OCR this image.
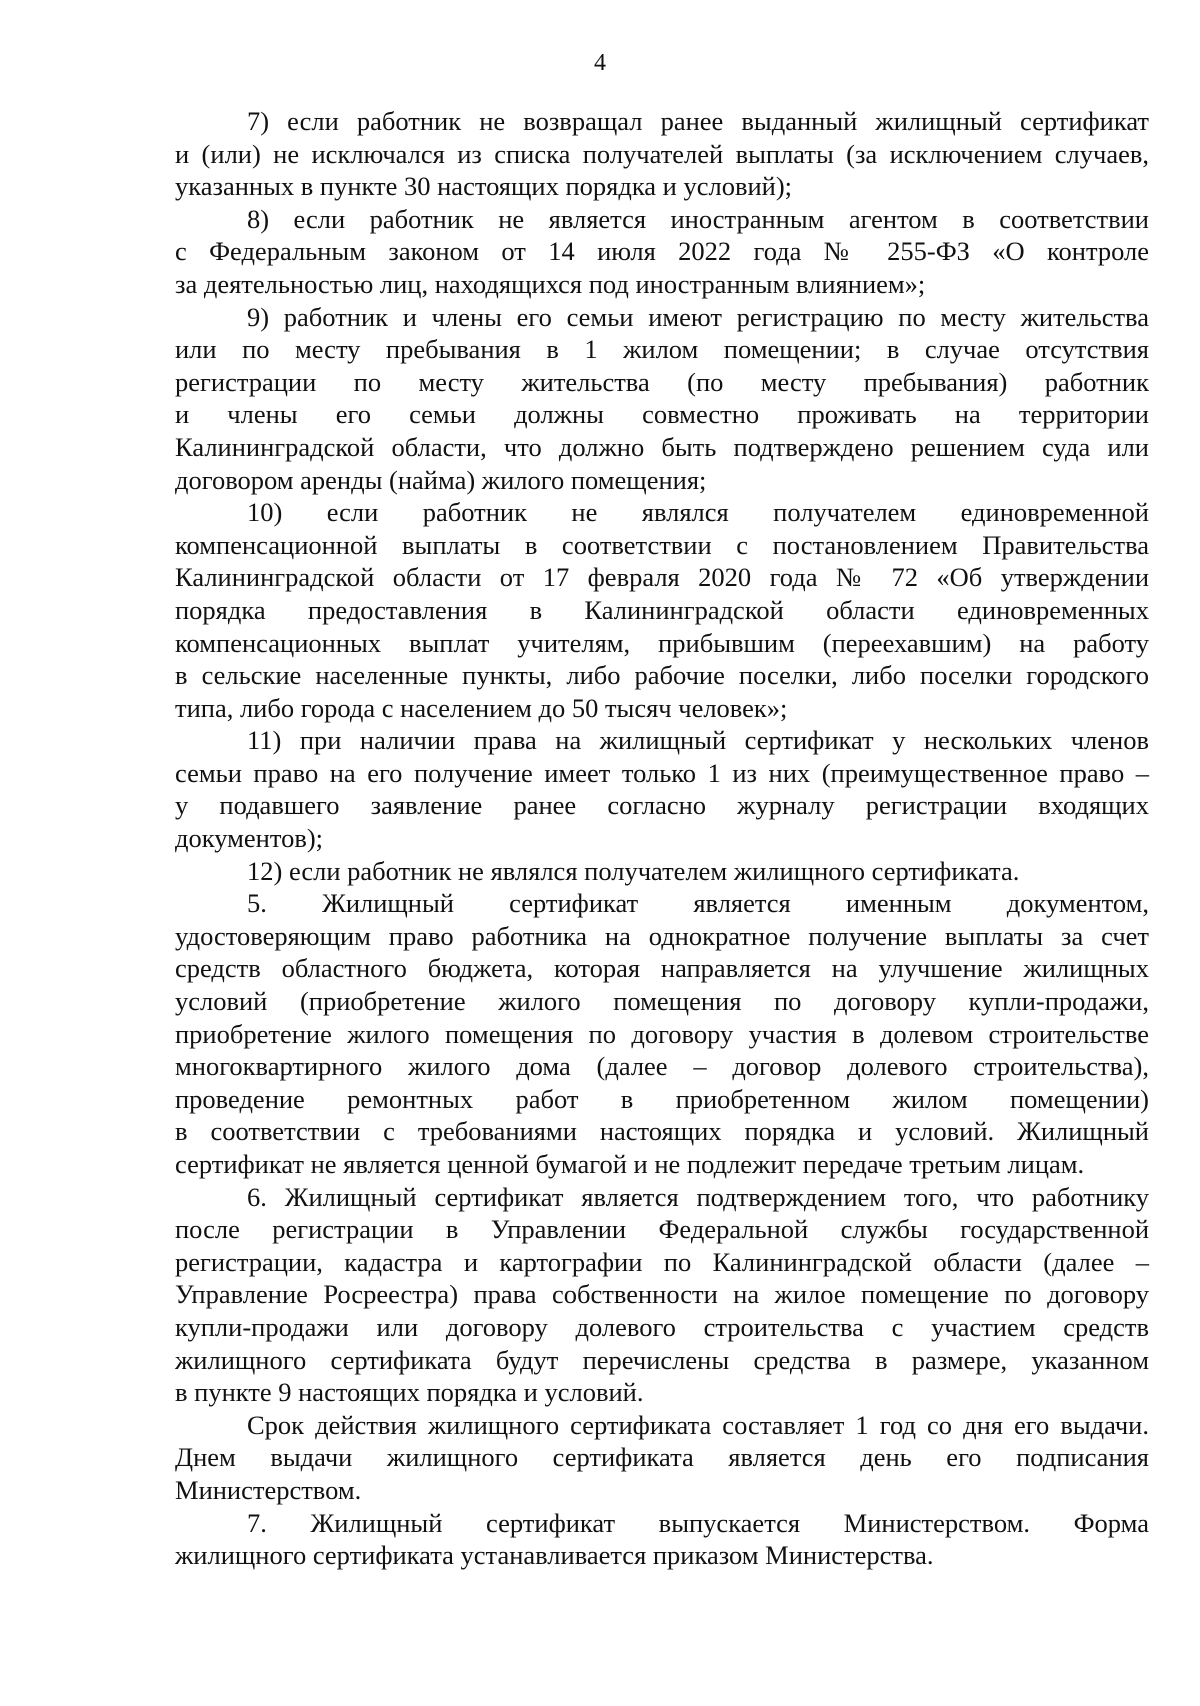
4
7) если работник не возвращал ранее выданный жилищный сертификат
и (или) не исключался из списка получателей выплаты (за исключением случаев,
указанных в пункте 30 настоящих порядка и условий);
8) если работник не является иностранным агентом в соответствии
с Федеральным законом от 14 июля 2022 года № 255-ФЗ «О контроле
за деятельностью лиц, находящихся под иностранным влиянием»;
9) работник и члены его семьи имеют регистрацию по месту жительства
или по месту пребывания в 1 жилом помещении; в случае отсутствия
регистрации по месту жительства (по месту пребывания) работник
и члены его семьи должны совместно проживать на территории
Калининградской области, что должно быть подтверждено решением суда или
договором аренды (найма) жилого помещения;
10) если работник не являлся получателем единовременной
компенсационной выплаты в соответствии с постановлением Правительства
Калининградской области от 17 февраля 2020 года № 72 «Об утверждении
порядка предоставления в Калининградской области единовременных
компенсационных выплат учителям, прибывшим (переехавшим) на работу
в сельские населенные пункты, либо рабочие поселки, либо поселки городского
типа, либо города с населением до 50 тысяч человек»;
11) при наличии права на жилищный сертификат у нескольких членов
семьи право на его получение имеет только 1 из них (преимущественное право –
у подавшего заявление ранее согласно журналу регистрации входящих
документов);
12) если работник не являлся получателем жилищного сертификата.
5. Жилищный сертификат является именным документом,
удостоверяющим право работника на однократное получение выплаты за счет
средств областного бюджета, которая направляется на улучшение жилищных
условий (приобретение жилого помещения по договору купли-продажи,
приобретение жилого помещения по договору участия в долевом строительстве
многоквартирного жилого дома (далее – договор долевого строительства),
проведение ремонтных работ в приобретенном жилом помещении)
в соответствии с требованиями настоящих порядка и условий. Жилищный
сертификат не является ценной бумагой и не подлежит передаче третьим лицам.
6. Жилищный сертификат является подтверждением того, что работнику
после регистрации в Управлении Федеральной службы государственной
регистрации, кадастра и картографии по Калининградской области (далее –
Управление Росреестра) права собственности на жилое помещение по договору
купли-продажи или договору долевого строительства с участием средств
жилищного сертификата будут перечислены средства в размере, указанном
в пункте 9 настоящих порядка и условий.
Срок действия жилищного сертификата составляет 1 год со дня его выдачи.
Днем выдачи жилищного сертификата является день его подписания
Министерством.
7. Жилищный сертификат выпускается Министерством. Форма
жилищного сертификата устанавливается приказом Министерства.
